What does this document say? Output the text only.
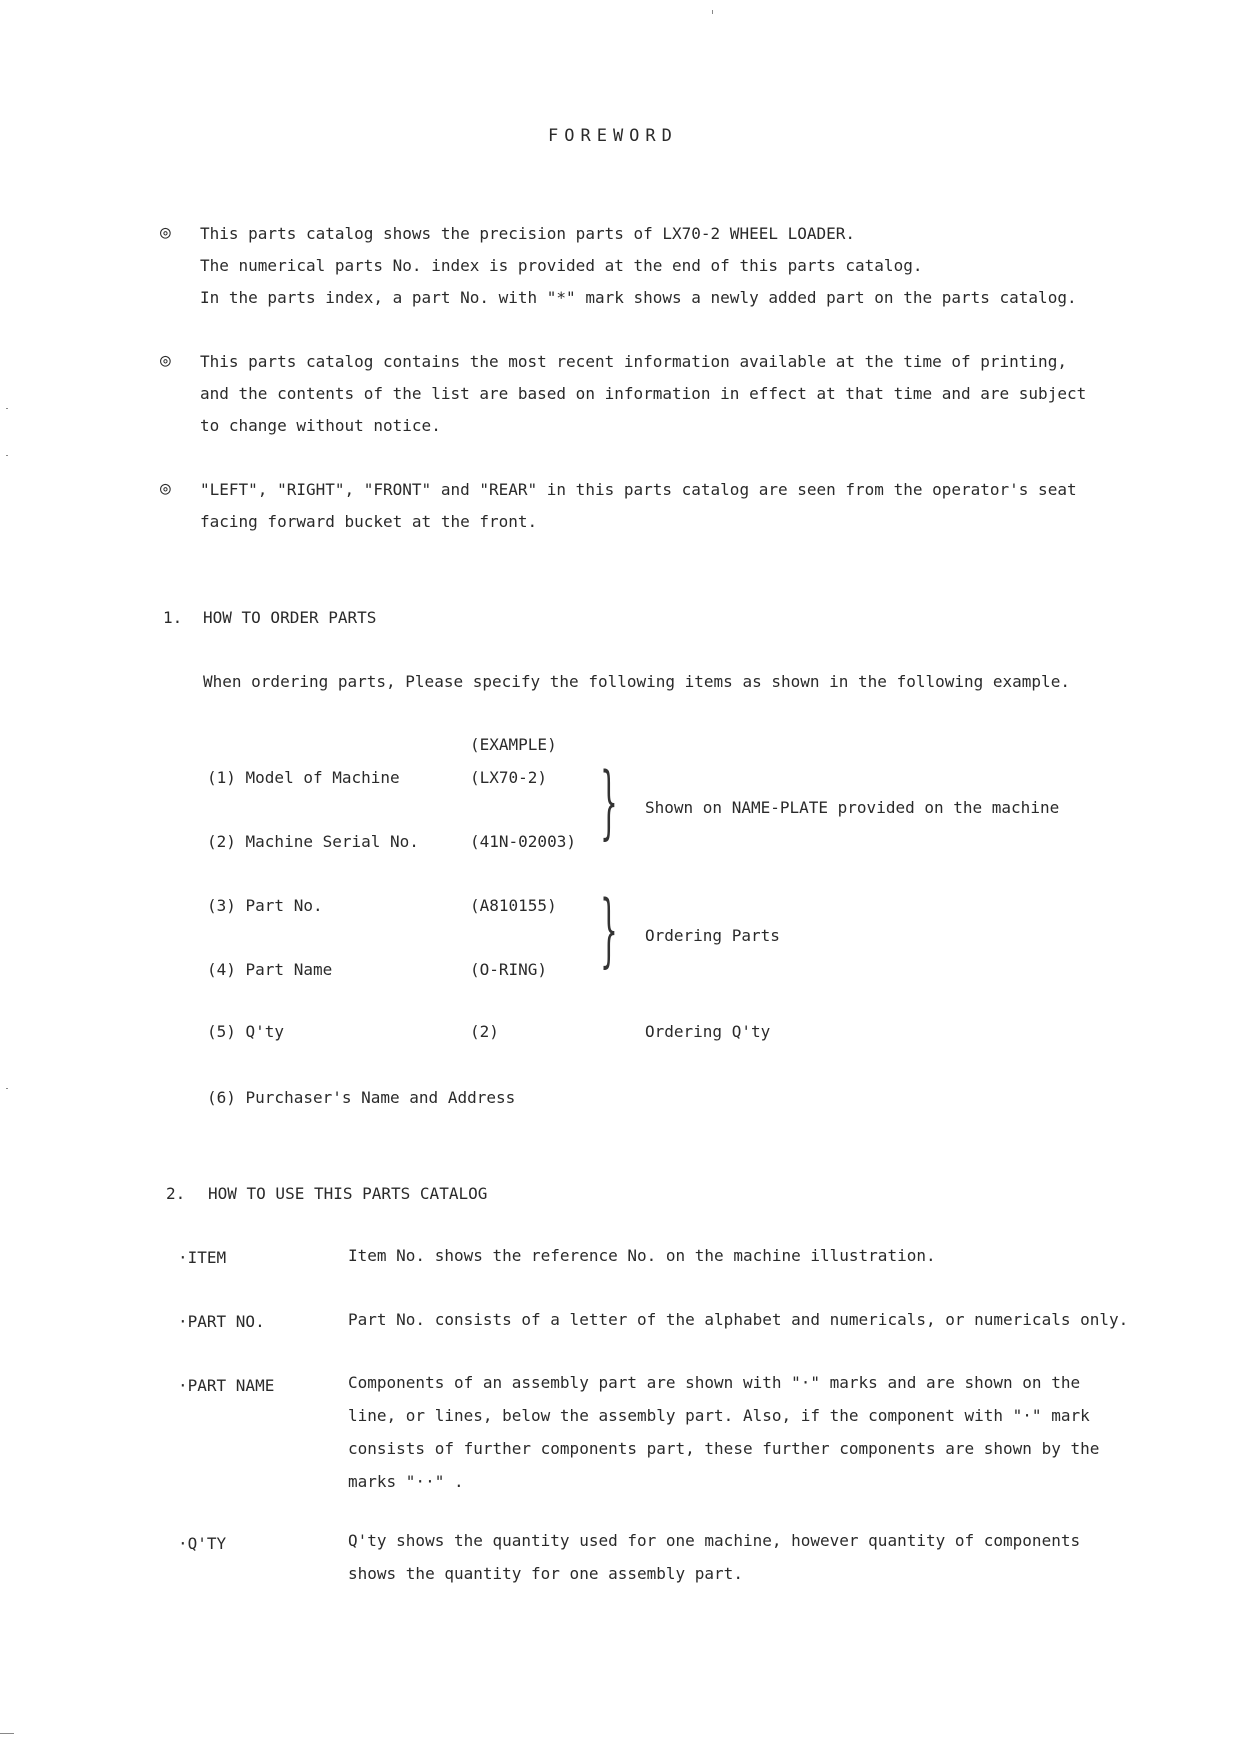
FOREWORD
◎ This parts catalog shows the precision parts of LX70-2 WHEEL LOADER.
The numerical parts No. index is provided at the end of this parts catalog.
In the parts index, a part No. with "*" mark shows a newly added part on the parts catalog.
◎ This parts catalog contains the most recent information available at the time of printing,
and the contents of the list are based on information in effect at that time and are subject
to change without notice.
◎ "LEFT", "RIGHT", "FRONT" and "REAR" in this parts catalog are seen from the operator's seat
facing forward bucket at the front.
1. HOW TO ORDER PARTS
When ordering parts, Please specify the following items as shown in the following example.
(EXAMPLE)
(1) Model of Machine	(LX70-2)
(2) Machine Serial No.	(41N-02003) } Shown on NAME-PLATE provided on the machine
(3) Part No.	(A810155)
(4) Part Name	(O-RING) } Ordering Parts
(5) Q'ty	(2)	Ordering Q'ty
(6) Purchaser's Name and Address
2. HOW TO USE THIS PARTS CATALOG
·ITEM	Item No. shows the reference No. on the machine illustration.
·PART NO.	Part No. consists of a letter of the alphabet and numericals, or numericals only.
·PART NAME	Components of an assembly part are shown with "·" marks and are shown on the line, or lines, below the assembly part. Also, if the component with "·" mark consists of further components part, these further components are shown by the marks "··" .
·Q'TY	Q'ty shows the quantity used for one machine, however quantity of components shows the quantity for one assembly part.
